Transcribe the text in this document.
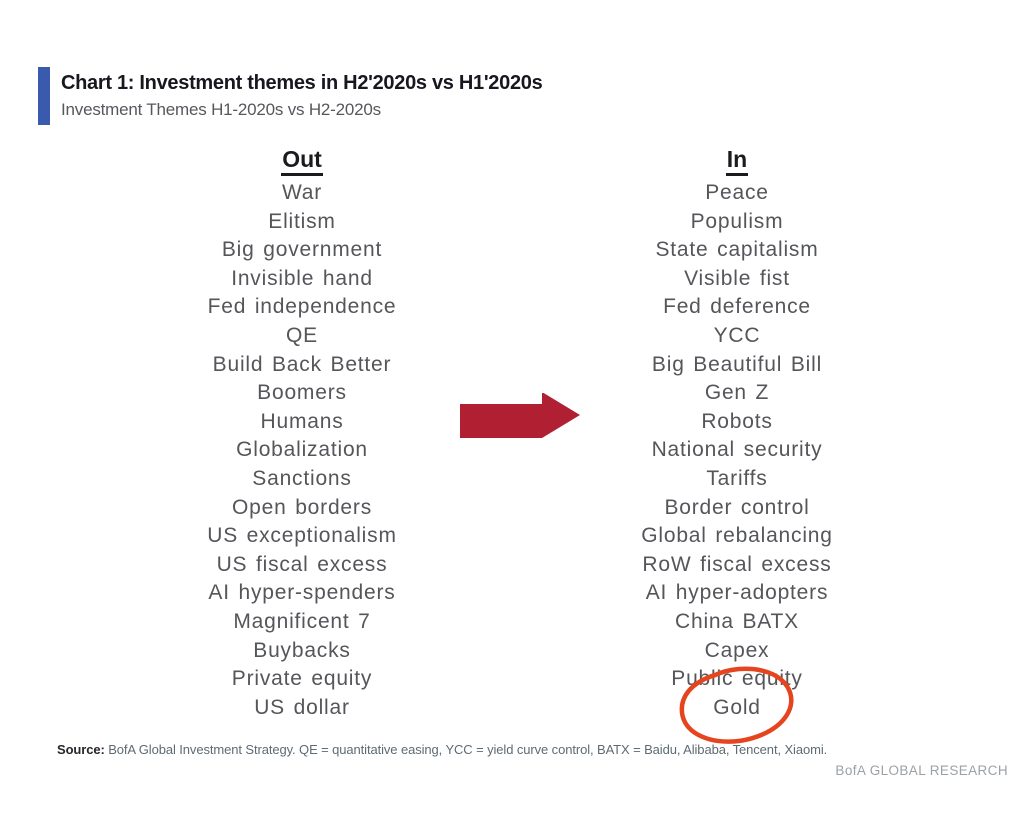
Chart 1: Investment themes in H2'2020s vs H1'2020s
Investment Themes H1-2020s vs H2-2020s
Out
War
Elitism
Big government
Invisible hand
Fed independence
QE
Build Back Better
Boomers
Humans
Globalization
Sanctions
Open borders
US exceptionalism
US fiscal excess
AI hyper-spenders
Magnificent 7
Buybacks
Private equity
US dollar
In
Peace
Populism
State capitalism
Visible fist
Fed deference
YCC
Big Beautiful Bill
Gen Z
Robots
National security
Tariffs
Border control
Global rebalancing
RoW fiscal excess
AI hyper-adopters
China BATX
Capex
Public equity
Gold
Source: BofA Global Investment Strategy. QE = quantitative easing, YCC = yield curve control, BATX = Baidu, Alibaba, Tencent, Xiaomi.
BofA GLOBAL RESEARCH
